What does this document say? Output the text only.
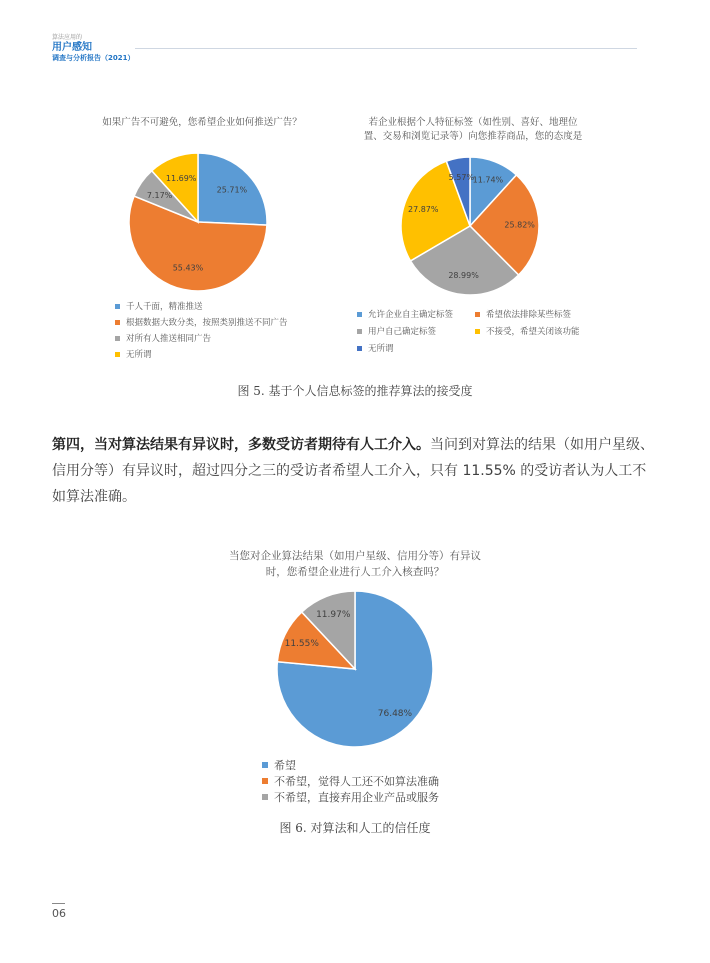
算法应用的
用户感知
调查与分析报告（2021）
如果广告不可避免，您希望企业如何推送广告？
25.71%
55.43%
7.17%
11.69%
千人千面，精准推送
根据数据大致分类，按照类别推送不同广告
对所有人推送相同广告
无所谓
若企业根据个人特征标签（如性别、喜好、地理位
置、交易和浏览记录等）向您推荐商品，您的态度是
11.74%
25.82%
28.99%
27.87%
5.57%
允许企业自主确定标签	希望依法排除某些标签
用户自己确定标签	不接受，希望关闭该功能
无所谓
图 5. 基于个人信息标签的推荐算法的接受度
第四，当对算法结果有异议时，多数受访者期待有人工介入。当问到对算法的结果（如用户星级、信用分等）有异议时，超过四分之三的受访者希望人工介入，只有 11.55% 的受访者认为人工不如算法准确。
当您对企业算法结果（如用户星级、信用分等）有异议
时，您希望企业进行人工介入核查吗？
76.48%
11.55%
11.97%
希望
不希望，觉得人工还不如算法准确
不希望，直接弃用企业产品或服务
图 6. 对算法和人工的信任度
06
